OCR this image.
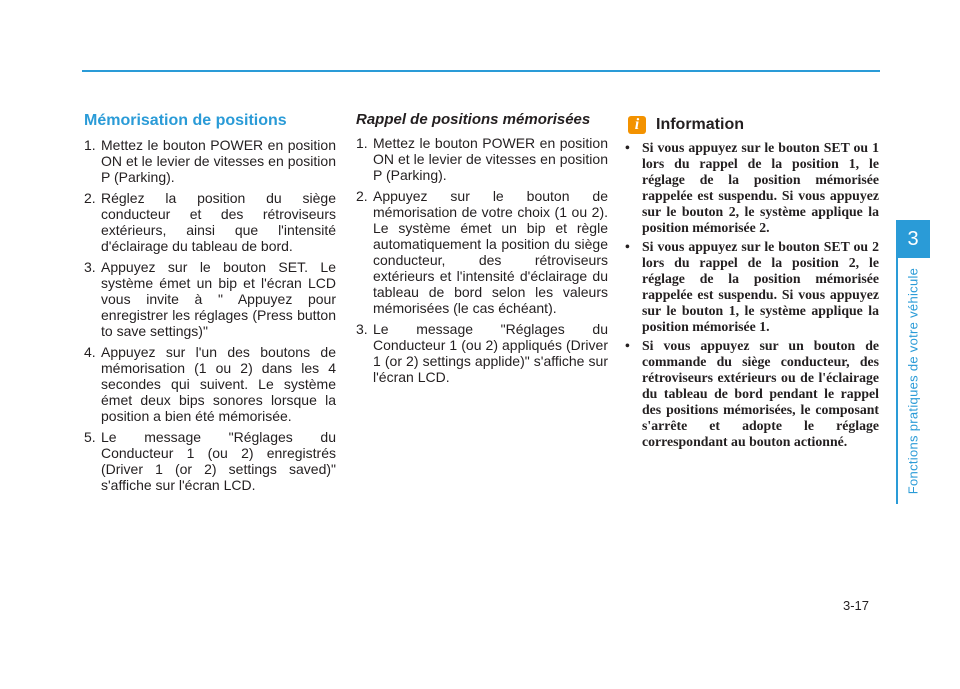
Mémorisation de positions
1. Mettez le bouton POWER en position ON et le levier de vitesses en position P (Parking).
2. Réglez la position du siège conducteur et des rétroviseurs extérieurs, ainsi que l'intensité d'éclairage du tableau de bord.
3. Appuyez sur le bouton SET. Le système émet un bip et l'écran LCD vous invite à " Appuyez pour enregistrer les réglages (Press button to save settings)"
4. Appuyez sur l'un des boutons de mémorisation (1 ou 2) dans les 4 secondes qui suivent. Le système émet deux bips sonores lorsque la position a bien été mémorisée.
5. Le message "Réglages du Conducteur 1 (ou 2) enregistrés (Driver 1 (or 2) settings saved)" s'affiche sur l'écran LCD.
Rappel de positions mémorisées
1. Mettez le bouton POWER en position ON et le levier de vitesses en position P (Parking).
2. Appuyez sur le bouton de mémorisation de votre choix (1 ou 2). Le système émet un bip et règle automatiquement la position du siège conducteur, des rétroviseurs extérieurs et l'intensité d'éclairage du tableau de bord selon les valeurs mémorisées (le cas échéant).
3. Le message "Réglages du Conducteur 1 (ou 2) appliqués (Driver 1 (or 2) settings applide)" s'affiche sur l'écran LCD.
i	Information
• Si vous appuyez sur le bouton SET ou 1 lors du rappel de la position 1, le réglage de la position mémorisée rappelée est suspendu. Si vous appuyez sur le bouton 2, le système applique la position mémorisée 2.
• Si vous appuyez sur le bouton SET ou 2 lors du rappel de la position 2, le réglage de la position mémorisée rappelée est suspendu. Si vous appuyez sur le bouton 1, le système applique la position mémorisée 1.
• Si vous appuyez sur un bouton de commande du siège conducteur, des rétroviseurs extérieurs ou de l'éclairage du tableau de bord pendant le rappel des positions mémorisées, le composant s'arrête et adopte le réglage correspondant au bouton actionné.
3
Fonctions pratiques de votre véhicule
3-17
